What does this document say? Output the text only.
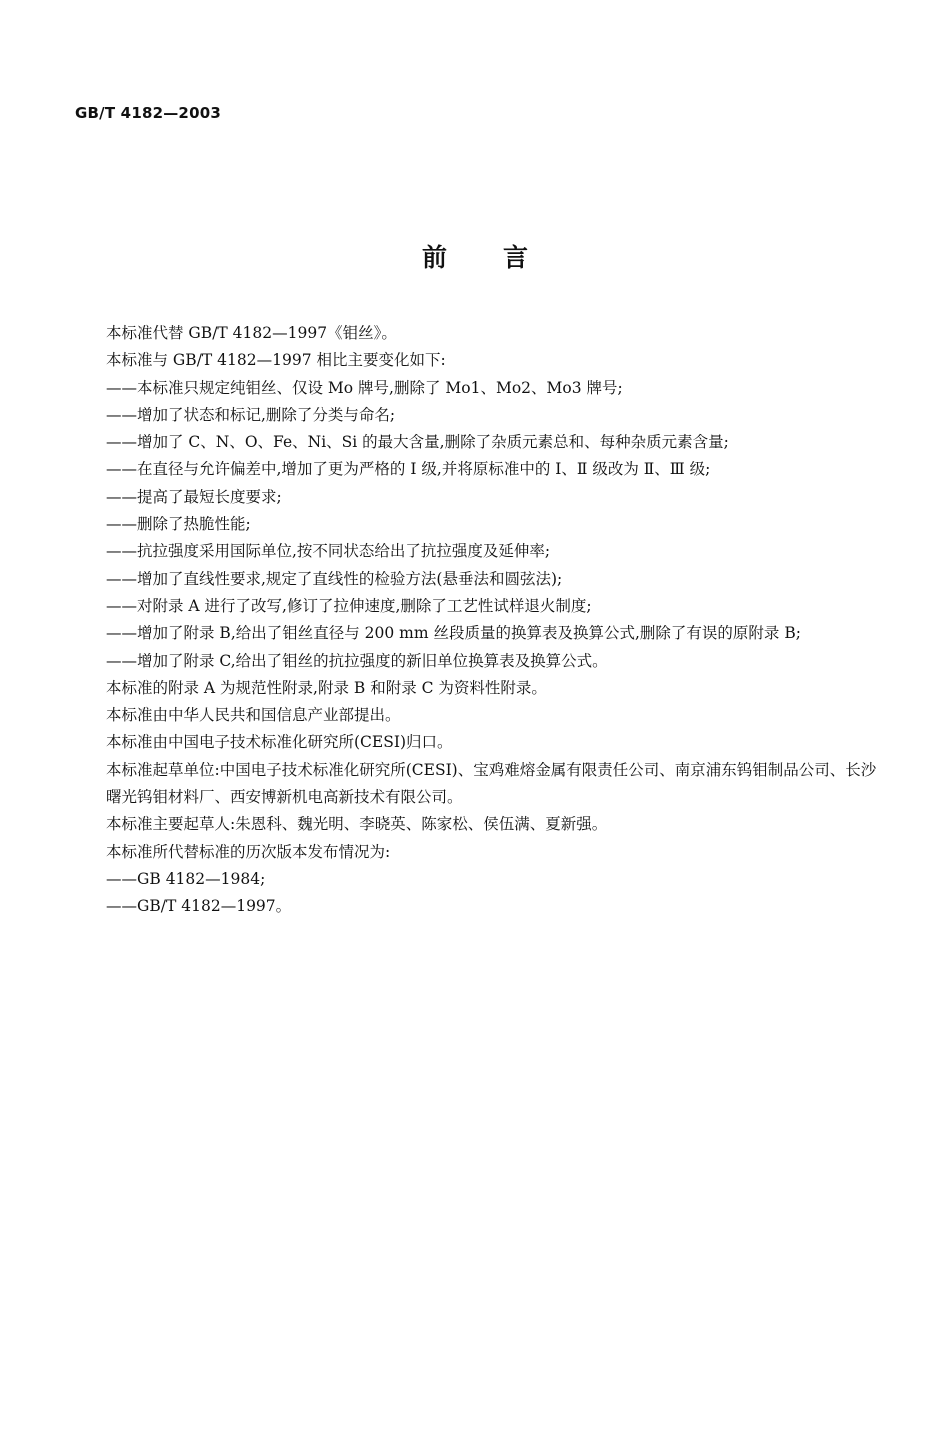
GB/T 4182—2003
前言
本标准代替 GB/T 4182—1997《钼丝》。
本标准与 GB/T 4182—1997 相比主要变化如下:
——本标准只规定纯钼丝、仅设 Mo 牌号,删除了 Mo1、Mo2、Mo3 牌号;
——增加了状态和标记,删除了分类与命名;
——增加了 C、N、O、Fe、Ni、Si 的最大含量,删除了杂质元素总和、每种杂质元素含量;
——在直径与允许偏差中,增加了更为严格的 Ⅰ 级,并将原标准中的 Ⅰ、Ⅱ 级改为 Ⅱ、Ⅲ 级;
——提高了最短长度要求;
——删除了热脆性能;
——抗拉强度采用国际单位,按不同状态给出了抗拉强度及延伸率;
——增加了直线性要求,规定了直线性的检验方法(悬垂法和圆弦法);
——对附录 A 进行了改写,修订了拉伸速度,删除了工艺性试样退火制度;
——增加了附录 B,给出了钼丝直径与 200 mm 丝段质量的换算表及换算公式,删除了有误的原附录 B;
——增加了附录 C,给出了钼丝的抗拉强度的新旧单位换算表及换算公式。
本标准的附录 A 为规范性附录,附录 B 和附录 C 为资料性附录。
本标准由中华人民共和国信息产业部提出。
本标准由中国电子技术标准化研究所(CESI)归口。
本标准起草单位:中国电子技术标准化研究所(CESI)、宝鸡难熔金属有限责任公司、南京浦东钨钼制品公司、长沙曙光钨钼材料厂、西安博新机电高新技术有限公司。
本标准主要起草人:朱恩科、魏光明、李晓英、陈家松、侯伍满、夏新强。
本标准所代替标准的历次版本发布情况为:
——GB 4182—1984;
——GB/T 4182—1997。
